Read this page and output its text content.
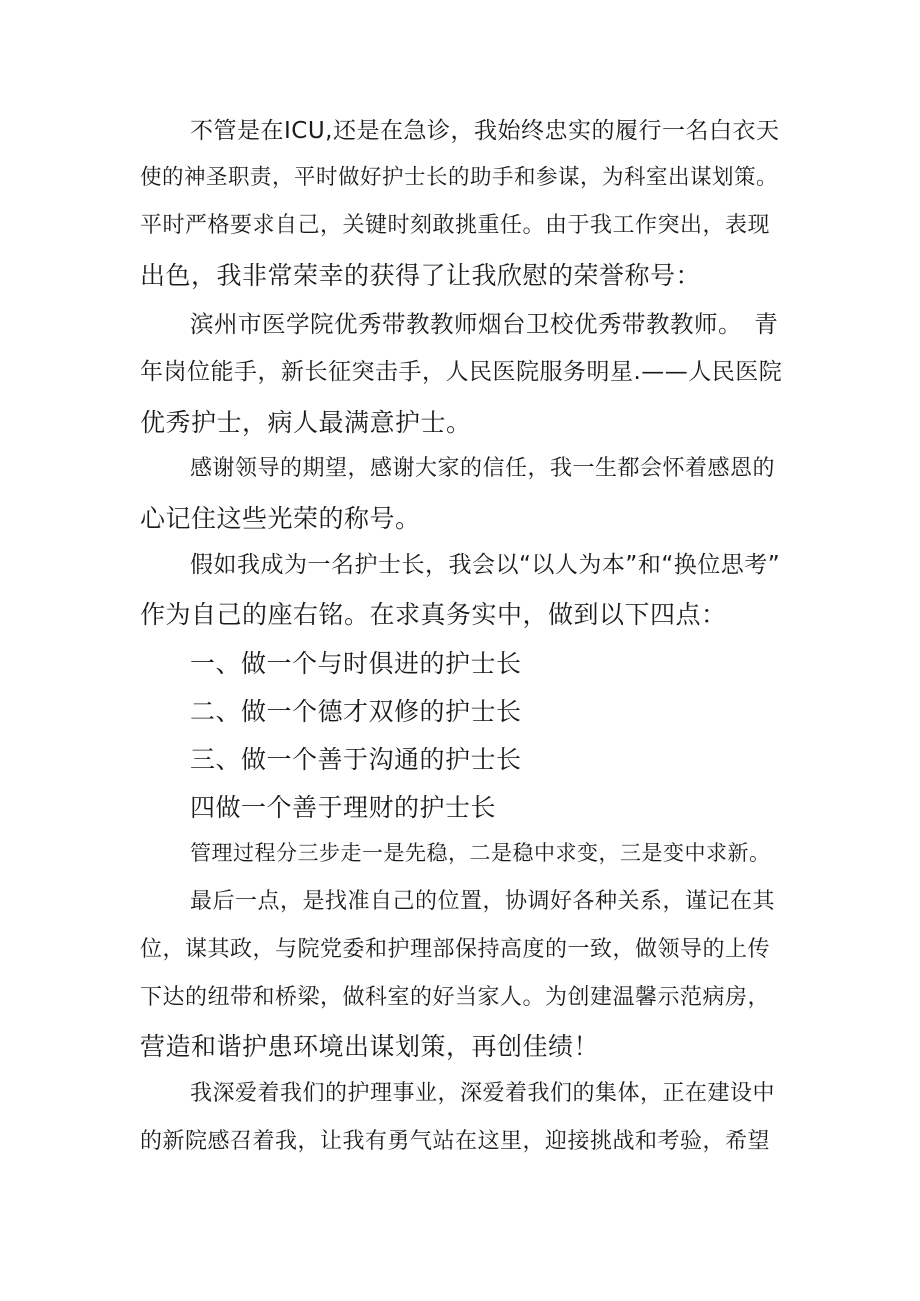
不管是在ICU,还是在急诊，我始终忠实的履行一名白衣天
使的神圣职责，平时做好护士长的助手和参谋，为科室出谋划策。
平时严格要求自己，关键时刻敢挑重任。由于我工作突出，表现
出色，我非常荣幸的获得了让我欣慰的荣誉称号：
滨州市医学院优秀带教教师烟台卫校优秀带教教师。　青
年岗位能手，新长征突击手，人民医院服务明星.——人民医院
优秀护士，病人最满意护士。
感谢领导的期望，感谢大家的信任，我一生都会怀着感恩的
心记住这些光荣的称号。
假如我成为一名护士长，我会以“以人为本”和“换位思考”
作为自己的座右铭。在求真务实中，做到以下四点：
一、做一个与时俱进的护士长
二、做一个德才双修的护士长
三、做一个善于沟通的护士长
四做一个善于理财的护士长
管理过程分三步走一是先稳，二是稳中求变，三是变中求新。
最后一点，是找准自己的位置，协调好各种关系，谨记在其
位，谋其政，与院党委和护理部保持高度的一致，做领导的上传
下达的纽带和桥梁，做科室的好当家人。为创建温馨示范病房，
营造和谐护患环境出谋划策，再创佳绩！
我深爱着我们的护理事业，深爱着我们的集体，正在建设中
的新院感召着我，让我有勇气站在这里，迎接挑战和考验，希望
